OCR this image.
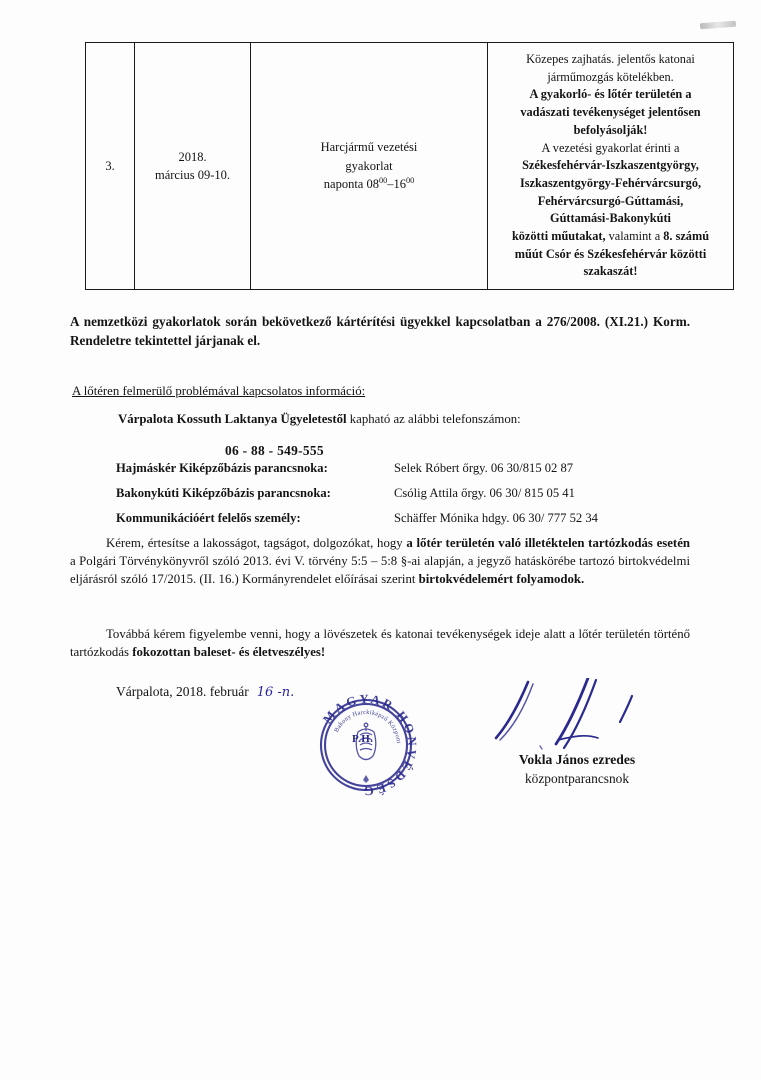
3.

2018.
március 09-10.

Harcjármű vezetési
gyakorlat
naponta $08^{00}-16^{00}$

Közepes zajhatás. jelentős katonai
járműmozgás kötelékben.
A gyakorló- és lőtér területén a
vadászati tevékenységet jelentősen
befolyásolják!
A vezetési gyakorlat érinti a
Székesfehérvár-Iszkaszentgyörgy,
Iszkaszentgyörgy-Fehérvárcsurgó,
Fehérvárcsurgó-Gúttamási,
Gúttamási-Bakonykúti
közötti műutakat, valamint a 8. számú
műút Csór és Székesfehérvár közötti
szakaszát!
A nemzetközi gyakorlatok során bekövetkező kártérítési ügyekkel kapcsolatban a 276/2008. (XI.21.) Korm. Rendeletre tekintettel járjanak el.
A lőtéren felmerülő problémával kapcsolatos információ:
Várpalota Kossuth Laktanya Ügyeletestől kapható az alábbi telefonszámon:
06 - 88 - 549-555
Hajmáskér Kiképzőbázis parancsnoka:	Selek Róbert őrgy. 06 30/815 02 87
Bakonykúti Kiképzőbázis parancsnoka:	Csólig Attila őrgy. 06 30/ 815 05 41
Kommunikációért felelős személy:	Schäffer Mónika hdgy. 06 30/ 777 52 34
Kérem, értesítse a lakosságot, tagságot, dolgozókat, hogy a lőtér területén való illetéktelen tartózkodás esetén a Polgári Törvénykönyvről szóló 2013. évi V. törvény 5:5 – 5:8 §-ai alapján, a jegyző hatáskörébe tartozó birtokvédelmi eljárásról szóló 17/2015. (II. 16.) Kormányrendelet előírásai szerint birtokvédelemért folyamodok.
Továbbá kérem figyelembe venni, hogy a lövészetek és katonai tevékenységek ideje alatt a lőtér területén történő tartózkodás fokozottan baleset- és életveszélyes!
Várpalota, 2018. február 16 -n.
MAGYAR HONVÉDSÉG
Bakony Harckiképző Központ
P.H.
Vokla János ezredes
központparancsnok
